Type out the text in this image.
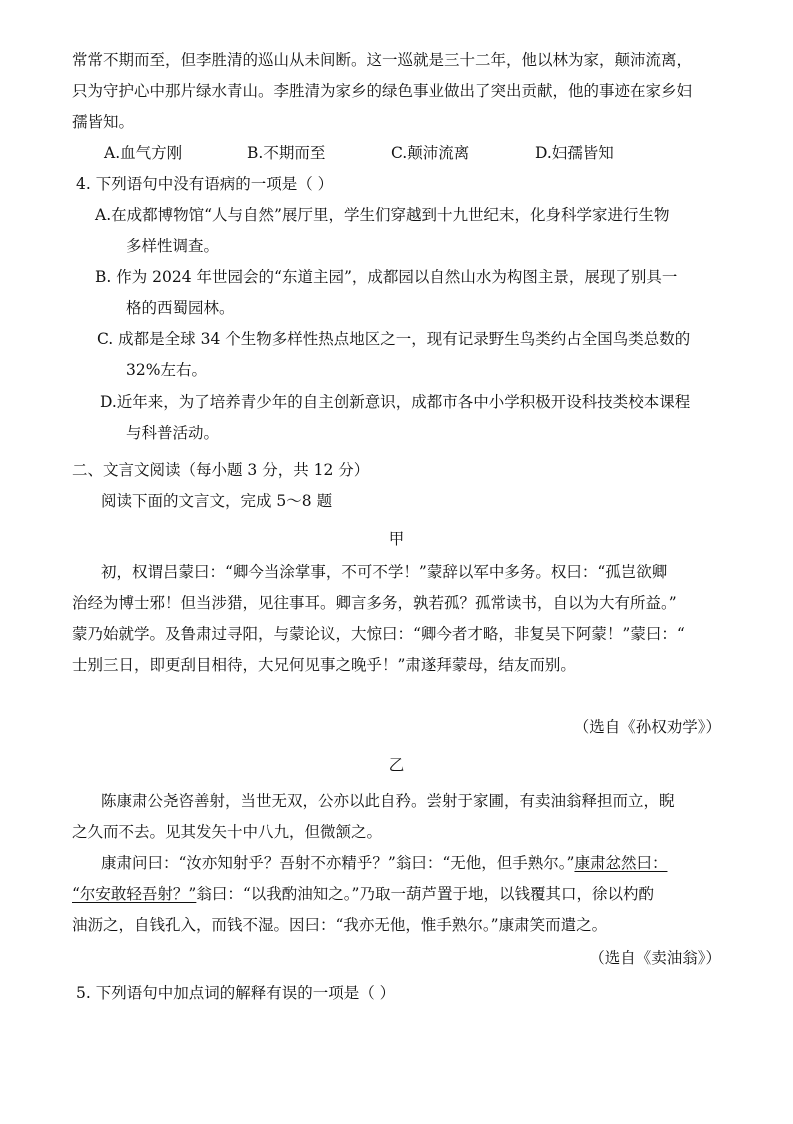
常常不期而至，但李胜清的巡山从未间断。这一巡就是三十二年，他以林为家，颠沛流离，
只为守护心中那片绿水青山。李胜清为家乡的绿色事业做出了突出贡献，他的事迹在家乡妇
孺皆知。
A.血气方刚	B.不期而至	C.颠沛流离	D.妇孺皆知
4. 下列语句中没有语病的一项是（ ）
A.在成都博物馆“人与自然”展厅里，学生们穿越到十九世纪末，化身科学家进行生物
多样性调查。
B. 作为 2024 年世园会的“东道主园”，成都园以自然山水为构图主景，展现了别具一
格的西蜀园林。
C. 成都是全球 34 个生物多样性热点地区之一，现有记录野生鸟类约占全国鸟类总数的
32%左右。
D.近年来，为了培养青少年的自主创新意识，成都市各中小学积极开设科技类校本课程
与科普活动。
二、文言文阅读（每小题 3 分，共 12 分）
阅读下面的文言文，完成 5～8 题
甲
初，权谓吕蒙曰：“卿今当涂掌事，不可不学！”蒙辞以军中多务。权曰：“孤岂欲卿
治经为博士邪！但当涉猎，见往事耳。卿言多务，孰若孤？孤常读书，自以为大有所益。”
蒙乃始就学。及鲁肃过寻阳，与蒙论议，大惊曰：“卿今者才略，非复吴下阿蒙！”蒙曰：“
士别三日，即更刮目相待，大兄何见事之晚乎！”肃遂拜蒙母，结友而别。
（选自《孙权劝学》）
乙
陈康肃公尧咨善射，当世无双，公亦以此自矜。尝射于家圃，有卖油翁释担而立，睨
之久而不去。见其发矢十中八九，但微颔之。
康肃问曰：“汝亦知射乎？吾射不亦精乎？”翁曰：“无他，但手熟尔。”康肃忿然曰：
“尔安敢轻吾射？”翁曰：“以我酌油知之。”乃取一葫芦置于地，以钱覆其口，徐以杓酌
油沥之，自钱孔入，而钱不湿。因曰：“我亦无他，惟手熟尔。”康肃笑而遣之。
（选自《卖油翁》）
5. 下列语句中加点词的解释有误的一项是（ ）
